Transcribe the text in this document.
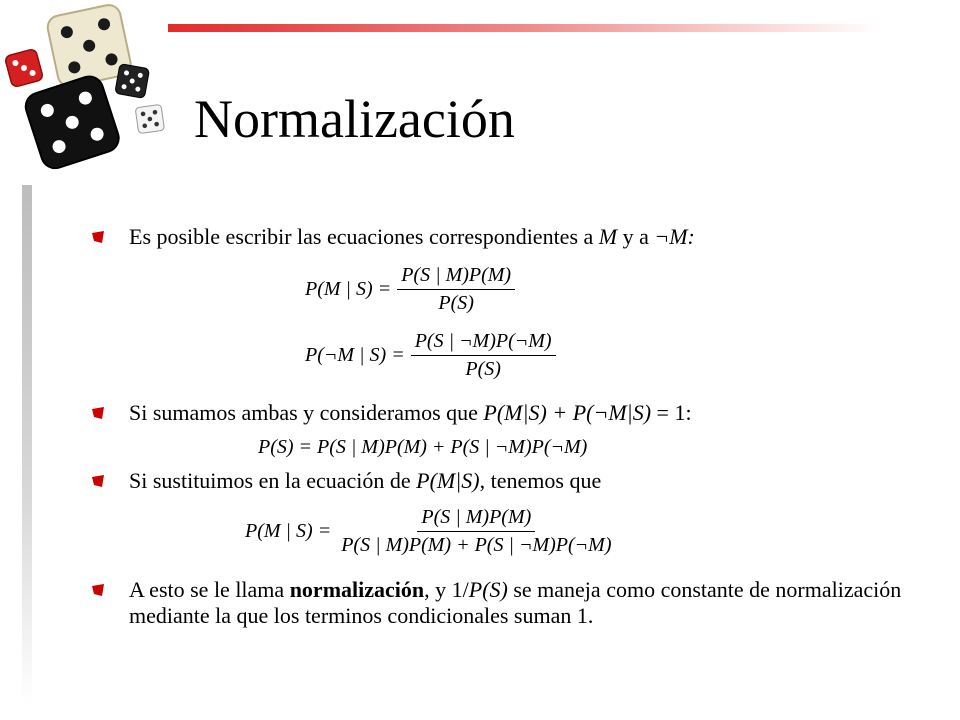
Normalización
Es posible escribir las ecuaciones correspondientes a M y a ¬M:
P(M | $S) = \frac{P(S | M)P(M)}{P(S)}$
P(¬M | $S) = \frac{P(S | \neg M)P(\neg M)}{P(S)}$
Si sumamos ambas y consideramos que P(M|S) + P(¬M|S) = 1:
P(S) = P(S | M)P(M) + P(S | ¬M)P(¬M)
Si sustituimos en la ecuación de P(M|S), tenemos que
P(M | $S) = \frac{P(S | M)P(M)}{P(S | M)P(M) + P(S | \neg M)P(\neg M)}$
A esto se le llama normalización, y 1/P(S) se maneja como constante de normalización mediante la que los terminos condicionales suman 1.
